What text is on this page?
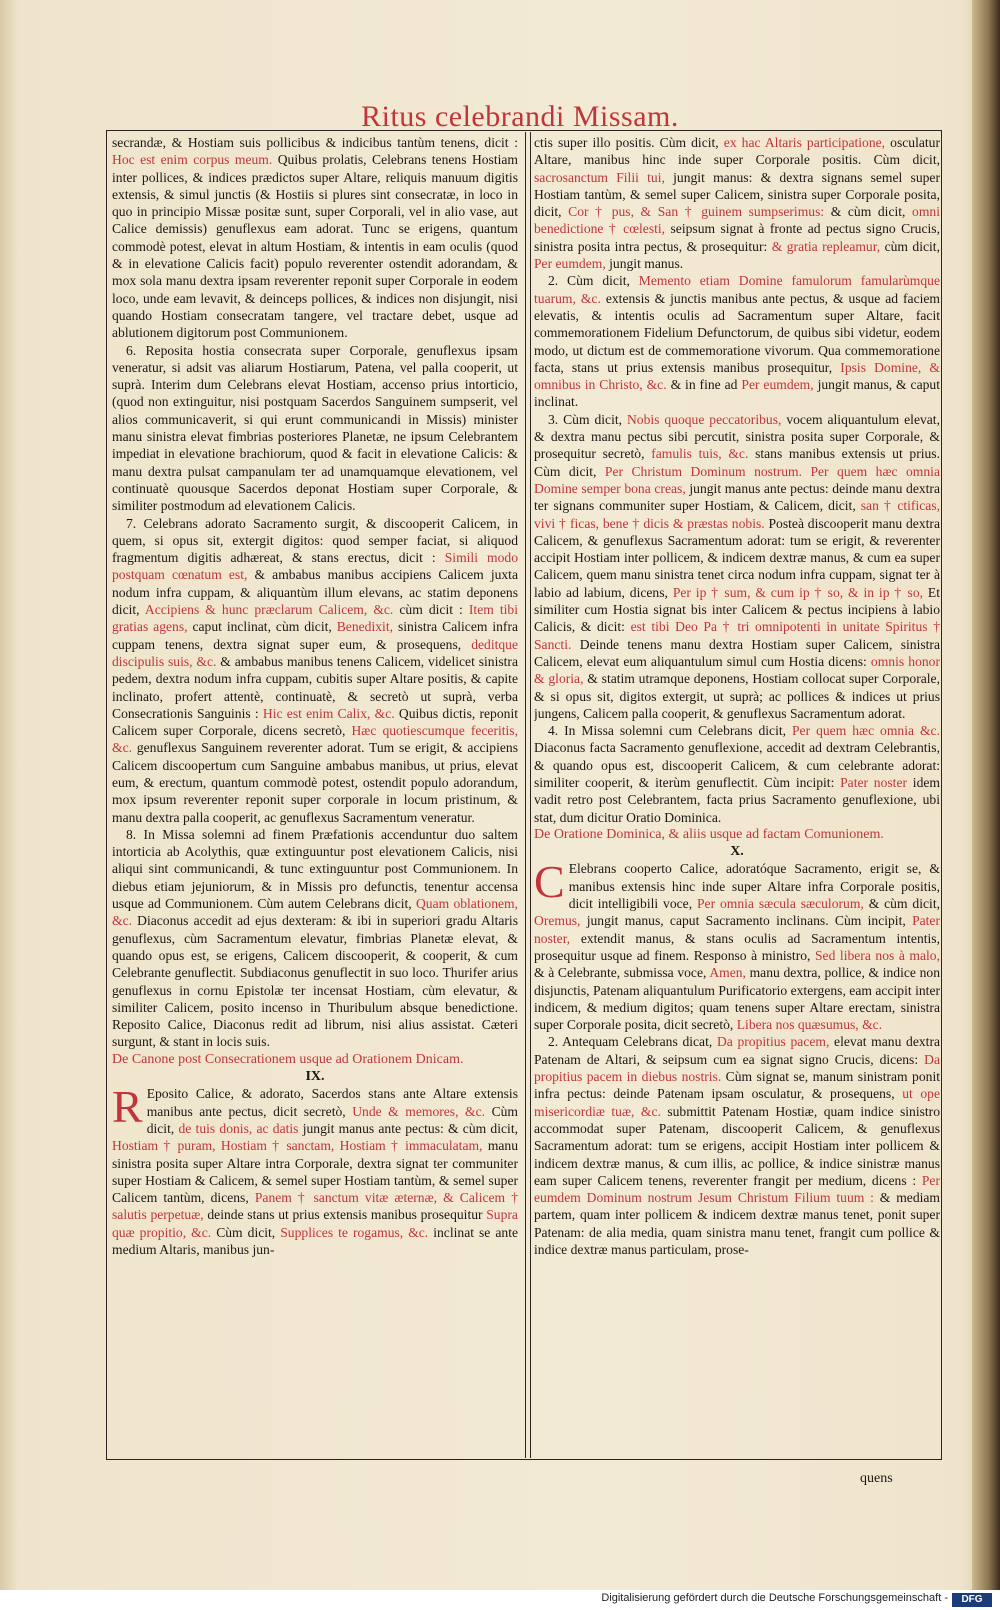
Ritus celebrandi Missam.

secrandæ, & Hostiam suis pollicibus & indicibus tantùm tenens, dicit : Hoc est enim corpus meum. Quibus prolatis, Celebrans tenens Hostiam inter pollices, & indices prædictos super Altare, reliquis manuum digitis extensis, & simul junctis (& Hostiis si plures sint consecratæ, in loco in quo in principio Missæ positæ sunt, super Corporali, vel in alio vase, aut Calice demissis) genuflexus eam adorat. Tunc se erigens, quantum commodè potest, elevat in altum Hostiam, & intentis in eam oculis (quod & in elevatione Calicis facit) populo reverenter ostendit adorandam, & mox sola manu dextra ipsam reverenter reponit super Corporale in eodem loco, unde eam levavit, & deinceps pollices, & indices non disjungit, nisi quando Hostiam consecratam tangere, vel tractare debet, usque ad ablutionem digitorum post Communionem.

6. Reposita hostia consecrata super Corporale, genuflexus ipsam veneratur, si adsit vas aliarum Hostiarum, Patena, vel palla cooperit, ut suprà. Interim dum Celebrans elevat Hostiam, accenso prius intorticio, (quod non extinguitur, nisi postquam Sacerdos Sanguinem sumpserit, vel alios communicaverit, si qui erunt communicandi in Missis) minister manu sinistra elevat fimbrias posteriores Planetæ, ne ipsum Celebrantem impediat in elevatione brachiorum, quod & facit in elevatione Calicis: & manu dextra pulsat campanulam ter ad unamquamque elevationem, vel continuatè quousque Sacerdos deponat Hostiam super Corporale, & similiter postmodum ad elevationem Calicis.

7. Celebrans adorato Sacramento surgit, & discooperit Calicem, in quem, si opus sit, extergit digitos: quod semper faciat, si aliquod fragmentum digitis adhæreat, & stans erectus, dicit : Simili modo postquam cœnatum est, & ambabus manibus accipiens Calicem juxta nodum infra cuppam, & aliquantùm illum elevans, ac statim deponens dicit, Accipiens & hunc præclarum Calicem, &c. cùm dicit : Item tibi gratias agens, caput inclinat, cùm dicit, Benedixit, sinistra Calicem infra cuppam tenens, dextra signat super eum, & prosequens, deditque discipulis suis, &c. & ambabus manibus tenens Calicem, videlicet sinistra pedem, dextra nodum infra cuppam, cubitis super Altare positis, & capite inclinato, profert attentè, continuatè, & secretò ut suprà, verba Consecrationis Sanguinis : Hic est enim Calix, &c. Quibus dictis, reponit Calicem super Corporale, dicens secretò, Hæc quotiescumque feceritis, &c. genuflexus Sanguinem reverenter adorat. Tum se erigit, & accipiens Calicem discoopertum cum Sanguine ambabus manibus, ut prius, elevat eum, & erectum, quantum commodè potest, ostendit populo adorandum, mox ipsum reverenter reponit super corporale in locum pristinum, & manu dextra palla cooperit, ac genuflexus Sacramentum veneratur.

8. In Missa solemni ad finem Præfationis accenduntur duo saltem intorticia ab Acolythis, quæ extinguuntur post elevationem Calicis, nisi aliqui sint communicandi, & tunc extinguuntur post Communionem. In diebus etiam jejuniorum, & in Missis pro defunctis, tenentur accensa usque ad Communionem. Cùm autem Celebrans dicit, Quam oblationem, &c. Diaconus accedit ad ejus dexteram: & ibi in superiori gradu Altaris genuflexus, cùm Sacramentum elevatur, fimbrias Planetæ elevat, & quando opus est, se erigens, Calicem discooperit, & cooperit, & cum Celebrante genuflectit. Subdiaconus genuflectit in suo loco. Thurifer arius genuflexus in cornu Epistolæ ter incensat Hostiam, cùm elevatur, & similiter Calicem, posito incenso in Thuribulum absque benedictione. Reposito Calice, Diaconus redit ad librum, nisi alius assistat. Cæteri surgunt, & stant in locis suis.

De Canone post Consecrationem usque ad Orationem Dnicam.

IX.

R Eposito Calice, & adorato, Sacerdos stans ante Altare extensis manibus ante pectus, dicit secretò, Unde & memores, &c. Cùm dicit, de tuis donis, ac datis jungit manus ante pectus: & cùm dicit, Hostiam † puram, Hostiam † sanctam, Hostiam † immaculatam, manu sinistra posita super Altare intra Corporale, dextra signat ter communiter super Hostiam & Calicem, & semel super Hostiam tantùm, & semel super Calicem tantùm, dicens, Panem † sanctum vitæ æternæ, & Calicem † salutis perpetuæ, deinde stans ut prius extensis manibus prosequitur Supra quæ propitio, &c. Cùm dicit, Supplices te rogamus, &c. inclinat se ante medium Altaris, manibus jun-

ctis super illo positis. Cùm dicit, ex hac Altaris participatione, osculatur Altare, manibus hinc inde super Corporale positis. Cùm dicit, sacrosanctum Filii tui, jungit manus: & dextra signans semel super Hostiam tantùm, & semel super Calicem, sinistra super Corporale posita, dicit, Cor † pus, & San † guinem sumpserimus: & cùm dicit, omni benedictione † cœlesti, seipsum signat à fronte ad pectus signo Crucis, sinistra posita intra pectus, & prosequitur: & gratia repleamur, cùm dicit, Per eumdem, jungit manus.

2. Cùm dicit, Memento etiam Domine famulorum famularùmque tuarum, &c. extensis & junctis manibus ante pectus, & usque ad faciem elevatis, & intentis oculis ad Sacramentum super Altare, facit commemorationem Fidelium Defunctorum, de quibus sibi videtur, eodem modo, ut dictum est de commemoratione vivorum. Qua commemoratione facta, stans ut prius extensis manibus prosequitur, Ipsis Domine, & omnibus in Christo, &c. & in fine ad Per eumdem, jungit manus, & caput inclinat.

3. Cùm dicit, Nobis quoque peccatoribus, vocem aliquantulum elevat, & dextra manu pectus sibi percutit, sinistra posita super Corporale, & prosequitur secretò, famulis tuis, &c. stans manibus extensis ut prius. Cùm dicit, Per Christum Dominum nostrum. Per quem hæc omnia Domine semper bona creas, jungit manus ante pectus: deinde manu dextra ter signans communiter super Hostiam, & Calicem, dicit, san † ctificas, vivi † ficas, bene † dicis & præstas nobis. Posteà discooperit manu dextra Calicem, & genuflexus Sacramentum adorat: tum se erigit, & reverenter accipit Hostiam inter pollicem, & indicem dextræ manus, & cum ea super Calicem, quem manu sinistra tenet circa nodum infra cuppam, signat ter à labio ad labium, dicens, Per ip † sum, & cum ip † so, & in ip † so, Et similiter cum Hostia signat bis inter Calicem & pectus incipiens à labio Calicis, & dicit: est tibi Deo Pa † tri omnipotenti in unitate Spiritus † Sancti. Deinde tenens manu dextra Hostiam super Calicem, sinistra Calicem, elevat eum aliquantulum simul cum Hostia dicens: omnis honor & gloria, & statim utramque deponens, Hostiam collocat super Corporale, & si opus sit, digitos extergit, ut suprà; ac pollices & indices ut prius jungens, Calicem palla cooperit, & genuflexus Sacramentum adorat.

4. In Missa solemni cum Celebrans dicit, Per quem hæc omnia &c. Diaconus facta Sacramento genuflexione, accedit ad dextram Celebrantis, & quando opus est, discooperit Calicem, & cum celebrante adorat: similiter cooperit, & iterùm genuflectit. Cùm incipit: Pater noster idem vadit retro post Celebrantem, facta prius Sacramento genuflexione, ubi stat, dum dicitur Oratio Dominica.

De Oratione Dominica, & aliis usque ad factam Comunionem.

X.

C Elebrans cooperto Calice, adoratóque Sacramento, erigit se, & manibus extensis hinc inde super Altare infra Corporale positis, dicit intelligibili voce, Per omnia sæcula sæculorum, & cùm dicit, Oremus, jungit manus, caput Sacramento inclinans. Cùm incipit, Pater noster, extendit manus, & stans oculis ad Sacramentum intentis, prosequitur usque ad finem. Responso à ministro, Sed libera nos à malo, & à Celebrante, submissa voce, Amen, manu dextra, pollice, & indice non disjunctis, Patenam aliquantulum Purificatorio extergens, eam accipit inter indicem, & medium digitos; quam tenens super Altare erectam, sinistra super Corporale posita, dicit secretò, Libera nos quæsumus, &c.

2. Antequam Celebrans dicat, Da propitius pacem, elevat manu dextra Patenam de Altari, & seipsum cum ea signat signo Crucis, dicens: Da propitius pacem in diebus nostris. Cùm signat se, manum sinistram ponit infra pectus: deinde Patenam ipsam osculatur, & prosequens, ut ope misericordiæ tuæ, &c. submittit Patenam Hostiæ, quam indice sinistro accommodat super Patenam, discooperit Calicem, & genuflexus Sacramentum adorat: tum se erigens, accipit Hostiam inter pollicem & indicem dextræ manus, & cum illis, ac pollice, & indice sinistræ manus eam super Calicem tenens, reverenter frangit per medium, dicens : Per eumdem Dominum nostrum Jesum Christum Filium tuum : & mediam partem, quam inter pollicem & indicem dextræ manus tenet, ponit super Patenam: de alia media, quam sinistra manu tenet, frangit cum pollice & indice dextræ manus particulam, prose-

quens
Digitalisierung gefördert durch die Deutsche Forschungsgemeinschaft -	DFG
